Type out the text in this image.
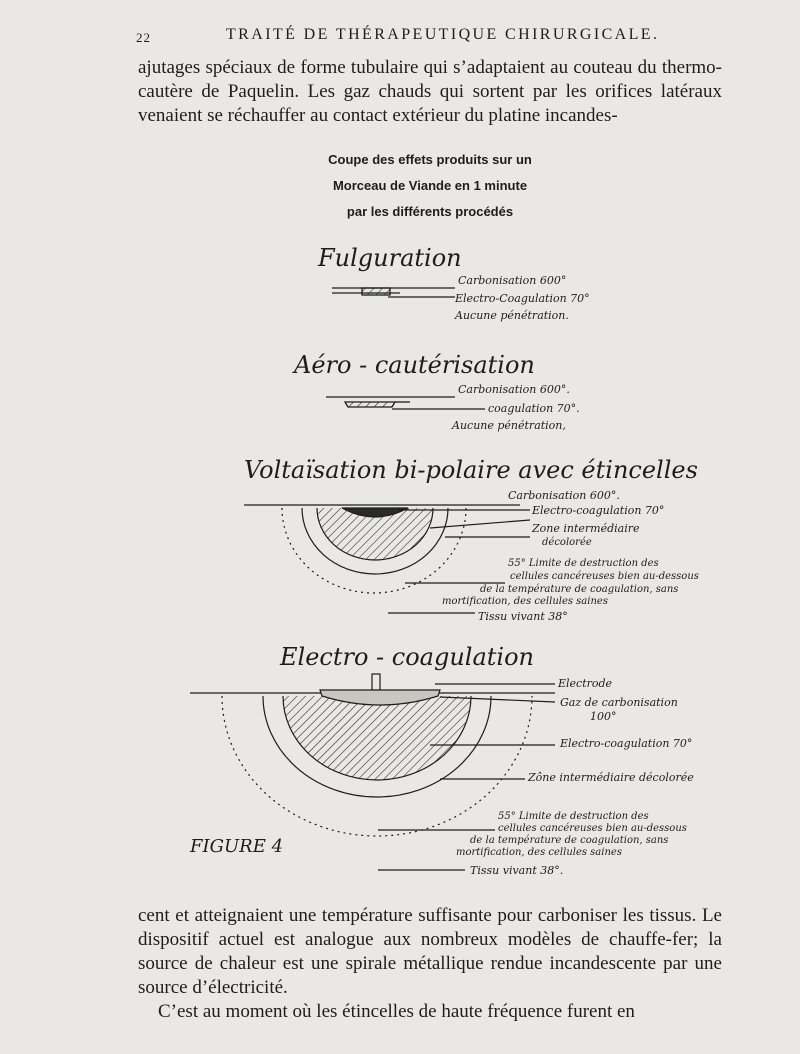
22	TRAITÉ DE THÉRAPEUTIQUE CHIRURGICALE.

ajutages spéciaux de forme tubulaire qui s’adaptaient au couteau du thermo-cautère de Paquelin. Les gaz chauds qui sortent par les orifices latéraux venaient se réchauffer au contact extérieur du platine incandes-

Coupe des effets produits sur un
Morceau de Viande en 1 minute
par les différents procédés
Fulguration
Carbonisation 600°
Electro-Coagulation 70°
Aucune pénétration.
Aéro - cautérisation
Carbonisation 600°.
coagulation 70°.
Aucune pénétration,
Voltaïsation bi-polaire avec étincelles
Carbonisation 600°.
Electro-coagulation 70°
Zone intermédiaire
décolorée
55° Limite de destruction des
cellules cancéreuses bien au-dessous
de la température de coagulation, sans
mortification, des cellules saines
Tissu vivant 38°
Electro - coagulation
Electrode
Gaz de carbonisation
100°
Electro-coagulation 70°
Zône intermédiaire décolorée
55° Limite de destruction des
cellules cancéreuses bien au-dessous
de la température de coagulation, sans
mortification, des cellules saines
Tissu vivant 38°.
FIGURE 4

cent et atteignaient une température suffisante pour carboniser les tissus. Le dispositif actuel est analogue aux nombreux modèles de chauffe-fer; la source de chaleur est une spirale métallique rendue incandescente par une source d’électricité.

C’est au moment où les étincelles de haute fréquence furent en
